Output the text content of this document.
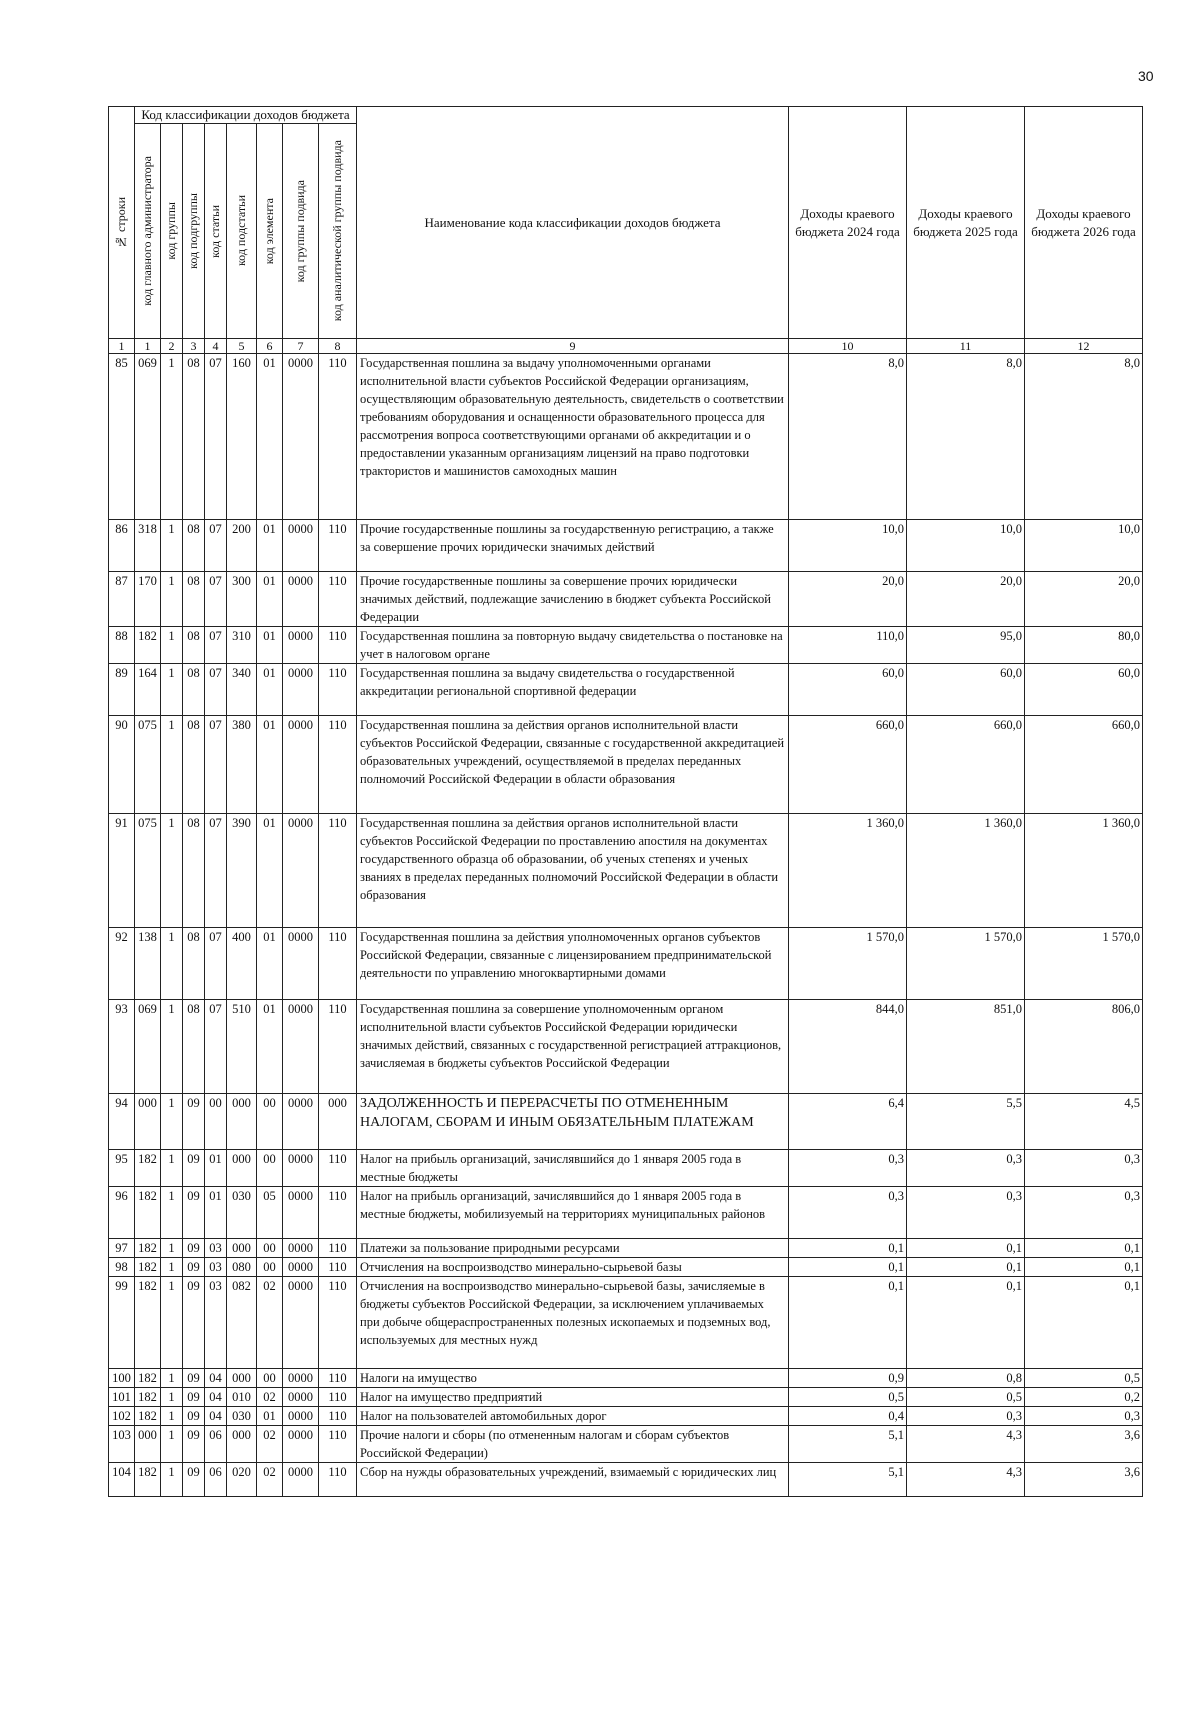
30
№ строки	Код классификации доходов бюджета								Наименование кода классификации доходов бюджета	Доходы краевого бюджета 2024 года	Доходы краевого бюджета 2025 года	Доходы краевого бюджета 2026 года

	код главного администратора	код группы	код подгруппы	код статьи	код подстатьи	код элемента	код группы подвида	код аналитической группы подвида				

1	1	2	3	4	5	6	7	8	9	10	11	12
85	069	1	08	07	160	01	0000	110	Государственная пошлина за выдачу уполномоченными органами исполнительной власти субъектов Российской Федерации организациям, осуществляющим образовательную деятельность, свидетельств о соответствии требованиям оборудования и оснащенности образовательного процесса для рассмотрения вопроса соответствующими органами об аккредитации и о предоставлении указанным организациям лицензий на право подготовки трактористов и машинистов самоходных машин	8,0	8,0	8,0
86	318	1	08	07	200	01	0000	110	Прочие государственные пошлины за государственную регистрацию, а также за совершение прочих юридически значимых действий	10,0	10,0	10,0
87	170	1	08	07	300	01	0000	110	Прочие государственные пошлины за совершение прочих юридически значимых действий, подлежащие зачислению в бюджет субъекта Российской Федерации	20,0	20,0	20,0
88	182	1	08	07	310	01	0000	110	Государственная пошлина за повторную выдачу свидетельства о постановке на учет в налоговом органе	110,0	95,0	80,0
89	164	1	08	07	340	01	0000	110	Государственная пошлина за выдачу свидетельства о государственной аккредитации региональной спортивной федерации	60,0	60,0	60,0
90	075	1	08	07	380	01	0000	110	Государственная пошлина за действия органов исполнительной власти субъектов Российской Федерации, связанные с государственной аккредитацией образовательных учреждений, осуществляемой в пределах переданных полномочий Российской Федерации в области образования	660,0	660,0	660,0
91	075	1	08	07	390	01	0000	110	Государственная пошлина за действия органов исполнительной власти субъектов Российской Федерации по проставлению апостиля на документах государственного образца об образовании, об ученых степенях и ученых званиях в пределах переданных полномочий Российской Федерации в области образования	1 360,0	1 360,0	1 360,0
92	138	1	08	07	400	01	0000	110	Государственная пошлина за действия уполномоченных органов субъектов Российской Федерации, связанные с лицензированием предпринимательской деятельности по управлению многоквартирными домами	1 570,0	1 570,0	1 570,0
93	069	1	08	07	510	01	0000	110	Государственная пошлина за совершение уполномоченным органом исполнительной власти субъектов Российской Федерации юридически значимых действий, связанных с государственной регистрацией аттракционов, зачисляемая в бюджеты субъектов Российской Федерации	844,0	851,0	806,0
94	000	1	09	00	000	00	0000	000	ЗАДОЛЖЕННОСТЬ И ПЕРЕРАСЧЕТЫ ПО ОТМЕНЕННЫМ НАЛОГАМ, СБОРАМ И ИНЫМ ОБЯЗАТЕЛЬНЫМ ПЛАТЕЖАМ	6,4	5,5	4,5
95	182	1	09	01	000	00	0000	110	Налог на прибыль организаций, зачислявшийся до 1 января 2005 года в местные бюджеты	0,3	0,3	0,3
96	182	1	09	01	030	05	0000	110	Налог на прибыль организаций, зачислявшийся до 1 января 2005 года в местные бюджеты, мобилизуемый на территориях муниципальных районов	0,3	0,3	0,3
97	182	1	09	03	000	00	0000	110	Платежи за пользование природными ресурсами	0,1	0,1	0,1
98	182	1	09	03	080	00	0000	110	Отчисления на воспроизводство минерально-сырьевой базы	0,1	0,1	0,1
99	182	1	09	03	082	02	0000	110	Отчисления на воспроизводство минерально-сырьевой базы, зачисляемые в бюджеты субъектов Российской Федерации, за исключением уплачиваемых при добыче общераспространенных полезных ископаемых и подземных вод, используемых для местных нужд	0,1	0,1	0,1
100	182	1	09	04	000	00	0000	110	Налоги на имущество	0,9	0,8	0,5
101	182	1	09	04	010	02	0000	110	Налог на имущество предприятий	0,5	0,5	0,2
102	182	1	09	04	030	01	0000	110	Налог на пользователей автомобильных дорог	0,4	0,3	0,3
103	000	1	09	06	000	02	0000	110	Прочие налоги и сборы (по отмененным налогам и сборам субъектов Российской Федерации)	5,1	4,3	3,6
104	182	1	09	06	020	02	0000	110	Сбор на нужды образовательных учреждений, взимаемый с юридических лиц	5,1	4,3	3,6
